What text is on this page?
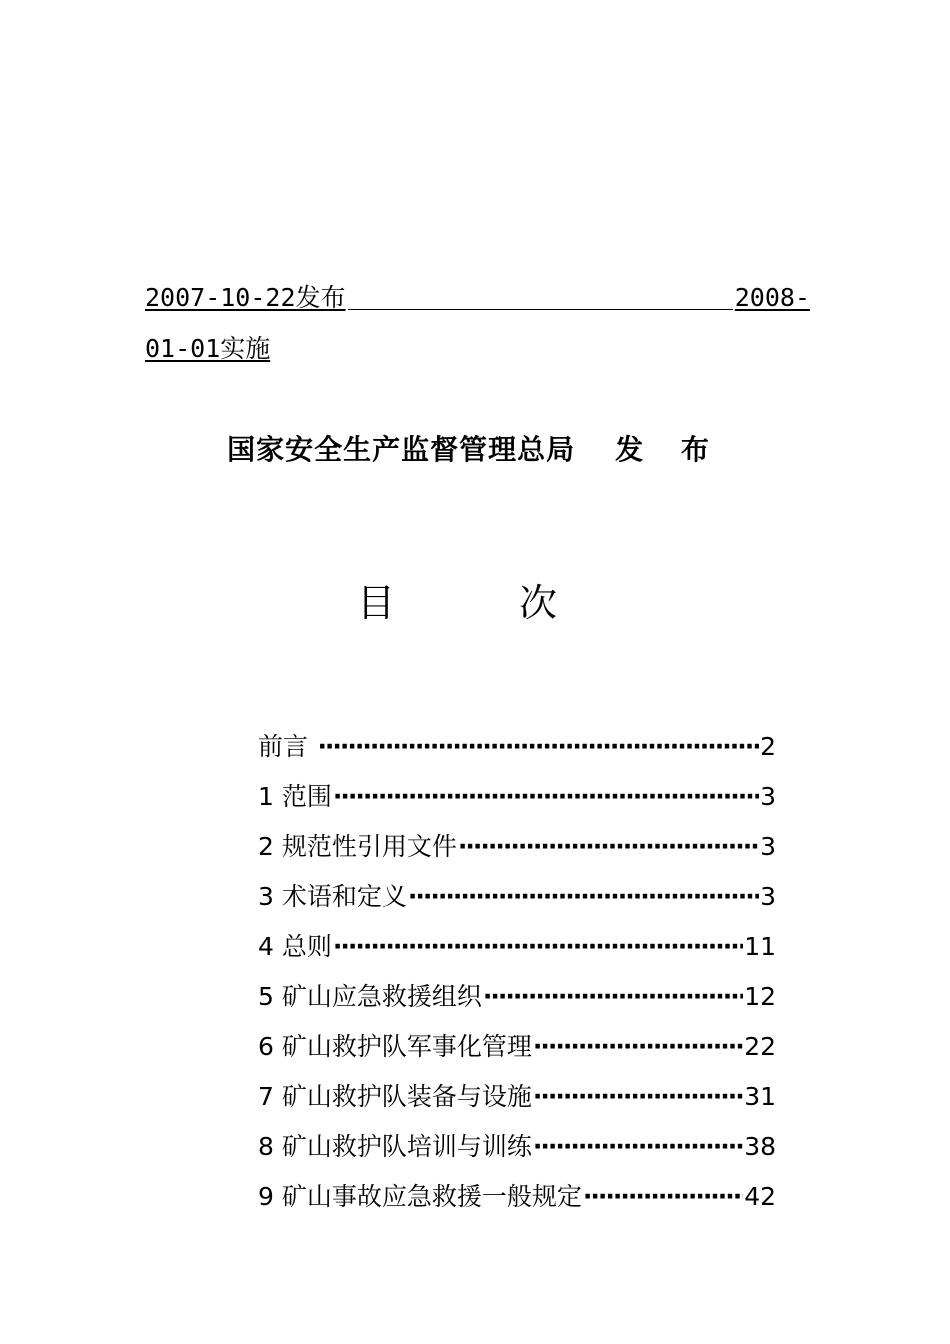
2007-10-22发布	2008-
01-01实施
国家安全生产监督管理总局 发 布
目 次
前言 ·····	2
1 范围 ·····	3
2 规范性引用文件 ·····	3
3 术语和定义 ·····	3
4 总则 ·····	11
5 矿山应急救援组织 ·····	12
6 矿山救护队军事化管理 ·····	22
7 矿山救护队装备与设施 ·····	31
8 矿山救护队培训与训练 ·····	38
9 矿山事故应急救援一般规定 ·····	42
